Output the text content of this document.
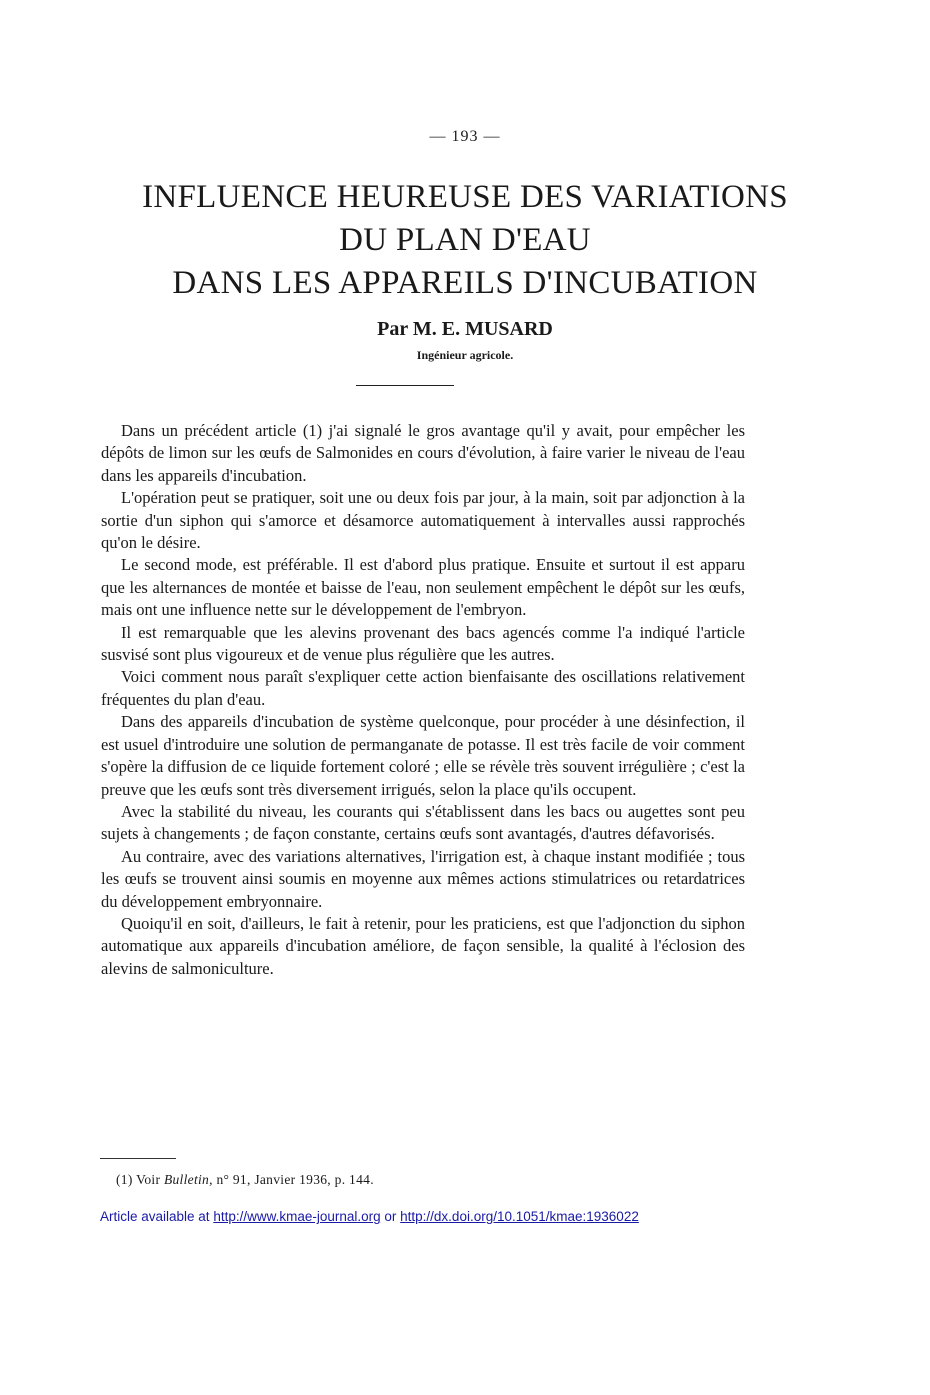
— 193 —
INFLUENCE HEUREUSE DES VARIATIONS
DU PLAN D'EAU
DANS LES APPAREILS D'INCUBATION
Par M. E. MUSARD
Ingénieur agricole.

Dans un précédent article (1) j'ai signalé le gros avantage qu'il y avait, pour empêcher les dépôts de limon sur les œufs de Salmonides en cours d'évolution, à faire varier le niveau de l'eau dans les appareils d'incubation.

L'opération peut se pratiquer, soit une ou deux fois par jour, à la main, soit par adjonction à la sortie d'un siphon qui s'amorce et désamorce automatiquement à intervalles aussi rapprochés qu'on le désire.

Le second mode, est préférable. Il est d'abord plus pratique. Ensuite et surtout il est apparu que les alternances de montée et baisse de l'eau, non seulement empêchent le dépôt sur les œufs, mais ont une influence nette sur le développement de l'embryon.

Il est remarquable que les alevins provenant des bacs agencés comme l'a indiqué l'article susvisé sont plus vigoureux et de venue plus régulière que les autres.

Voici comment nous paraît s'expliquer cette action bienfaisante des oscillations relativement fréquentes du plan d'eau.

Dans des appareils d'incubation de système quelconque, pour procéder à une désinfection, il est usuel d'introduire une solution de permanganate de potasse. Il est très facile de voir comment s'opère la diffusion de ce liquide fortement coloré ; elle se révèle très souvent irrégulière ; c'est la preuve que les œufs sont très diversement irrigués, selon la place qu'ils occupent.

Avec la stabilité du niveau, les courants qui s'établissent dans les bacs ou augettes sont peu sujets à changements ; de façon constante, certains œufs sont avantagés, d'autres défavorisés.

Au contraire, avec des variations alternatives, l'irrigation est, à chaque instant modifiée ; tous les œufs se trouvent ainsi soumis en moyenne aux mêmes actions stimulatrices ou retardatrices du développement embryonnaire.

Quoiqu'il en soit, d'ailleurs, le fait à retenir, pour les praticiens, est que l'adjonction du siphon automatique aux appareils d'incubation améliore, de façon sensible, la qualité à l'éclosion des alevins de salmoniculture.

(1) Voir Bulletin, n° 91, Janvier 1936, p. 144.
Article available at http://www.kmae-journal.org or http://dx.doi.org/10.1051/kmae:1936022
